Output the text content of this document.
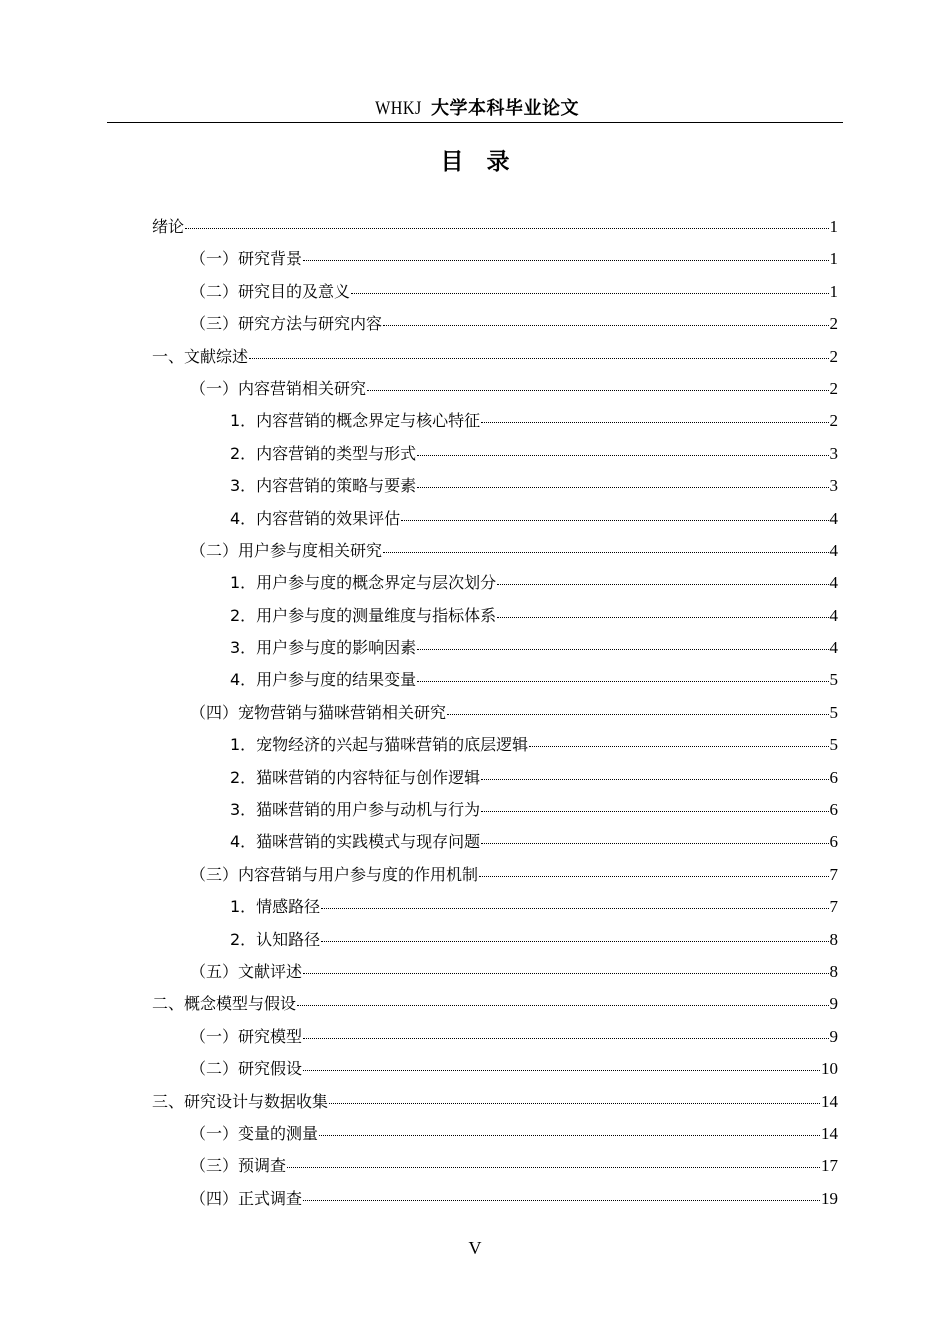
WHKJ 大学本科毕业论文
目　录
绪论	1
（一）研究背景	1
（二）研究目的及意义	1
（三）研究方法与研究内容	2
一、文献综述	2
（一）内容营销相关研究	2
1．内容营销的概念界定与核心特征	2
2．内容营销的类型与形式	3
3．内容营销的策略与要素	3
4．内容营销的效果评估	4
（二）用户参与度相关研究	4
1．用户参与度的概念界定与层次划分	4
2．用户参与度的测量维度与指标体系	4
3．用户参与度的影响因素	4
4．用户参与度的结果变量	5
（四）宠物营销与猫咪营销相关研究	5
1．宠物经济的兴起与猫咪营销的底层逻辑	5
2．猫咪营销的内容特征与创作逻辑	6
3．猫咪营销的用户参与动机与行为	6
4．猫咪营销的实践模式与现存问题	6
（三）内容营销与用户参与度的作用机制	7
1．情感路径	7
2．认知路径	8
（五）文献评述	8
二、概念模型与假设	9
（一）研究模型	9
（二）研究假设	10
三、研究设计与数据收集	14
（一）变量的测量	14
（三）预调查	17
（四）正式调查	19
V
